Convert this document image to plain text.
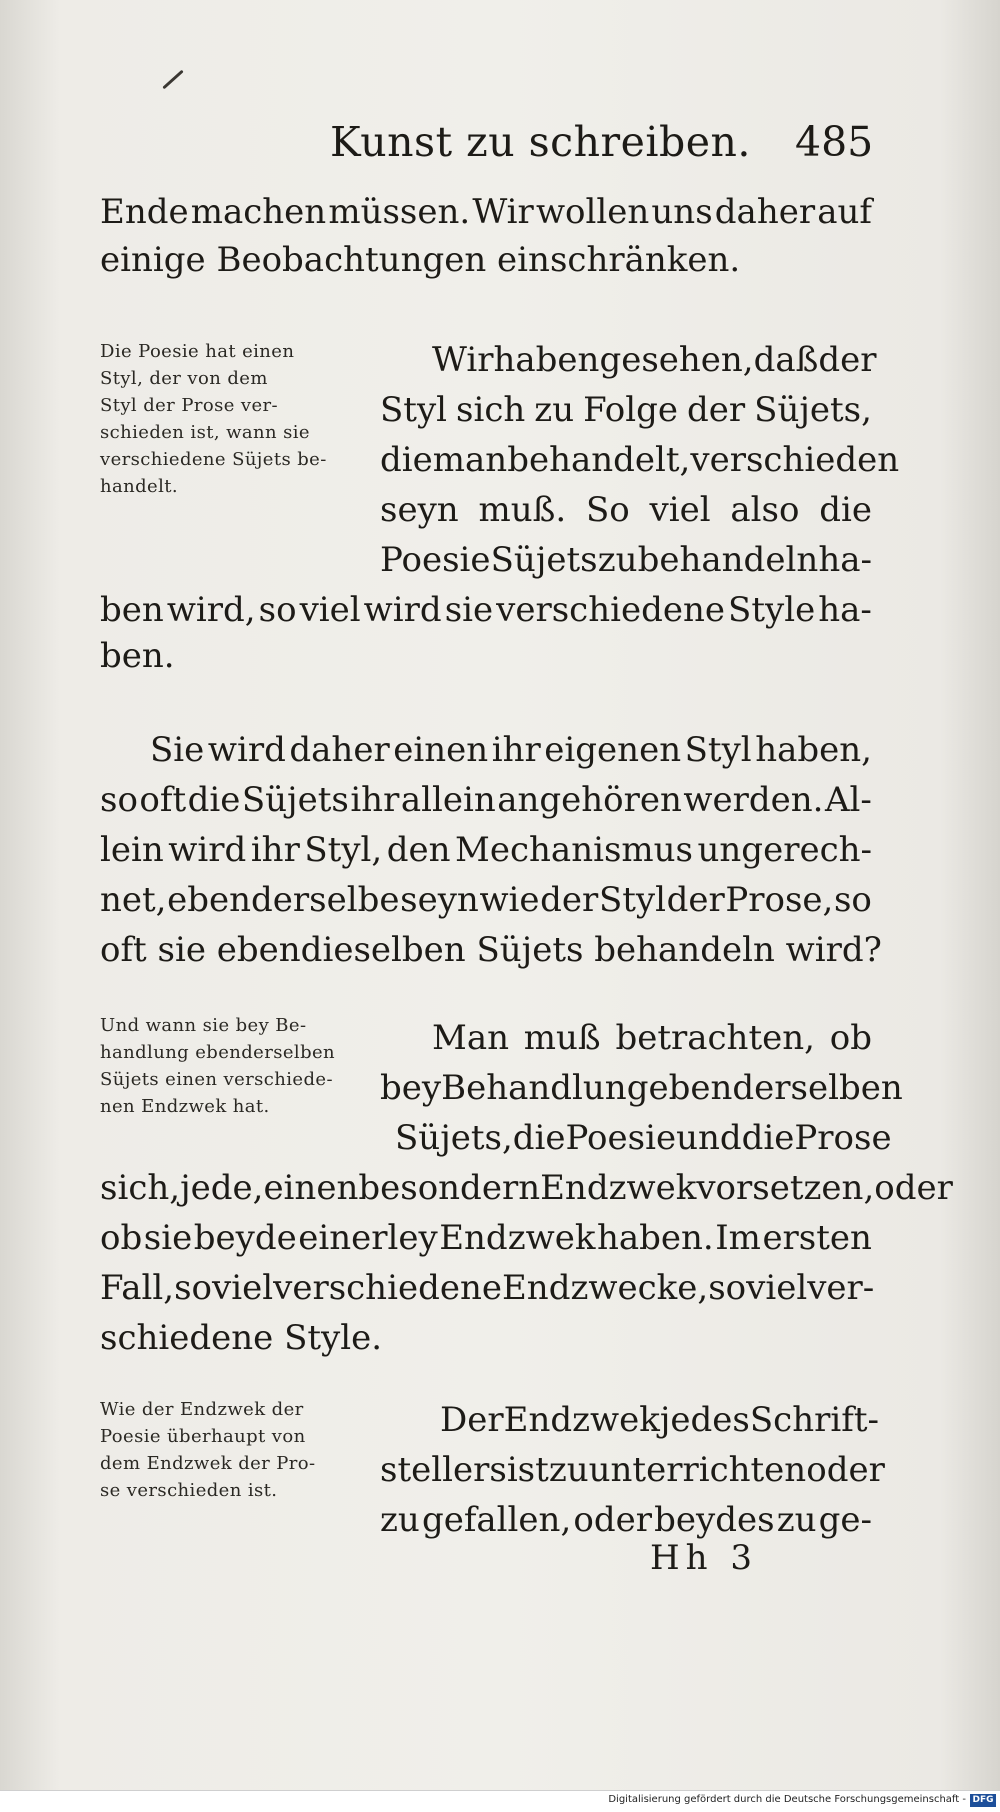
Kunst zu schreiben. 485
Ende machen müssen. Wir wollen uns daher auf
einige Beobachtungen einschränken.
Die Poesie hat einen
Styl, der von dem
Styl der Prose ver-
schieden ist, wann sie
verschiedene Süjets be-
handelt.
Wir haben gesehen, daß der
Styl sich zu Folge der Süjets,
die man behandelt, verschieden
seyn muß. So viel also die
Poesie Süjets zu behandeln ha-
ben wird, so viel wird sie verschiedene Style ha-
ben.
Sie wird daher einen ihr eigenen Styl haben,
so oft die Süjets ihr allein angehören werden. Al-
lein wird ihr Styl, den Mechanismus ungerech-
net, ebenderselbe seyn wie der Styl der Prose, so
oft sie ebendieselben Süjets behandeln wird?
Und wann sie bey Be-
handlung ebenderselben
Süjets einen verschiede-
nen Endzwek hat.
Man muß betrachten, ob
bey Behandlung ebenderselben
Süjets, die Poesie und die Prose
sich, jede, einen besondern Endzwek vorsetzen, oder
ob sie beyde einerley Endzwek haben. Im ersten
Fall, so viel verschiedene Endzwecke, so viel ver-
schiedene Style.
Wie der Endzwek der
Poesie überhaupt von
dem Endzwek der Pro-
se verschieden ist.
Der Endzwek jedes Schrift-
stellers ist zu unterrichten oder
zu gefallen, oder beydes zu ge-
Hh 3
Digitalisierung gefördert durch die Deutsche Forschungsgemeinschaft - DFG
